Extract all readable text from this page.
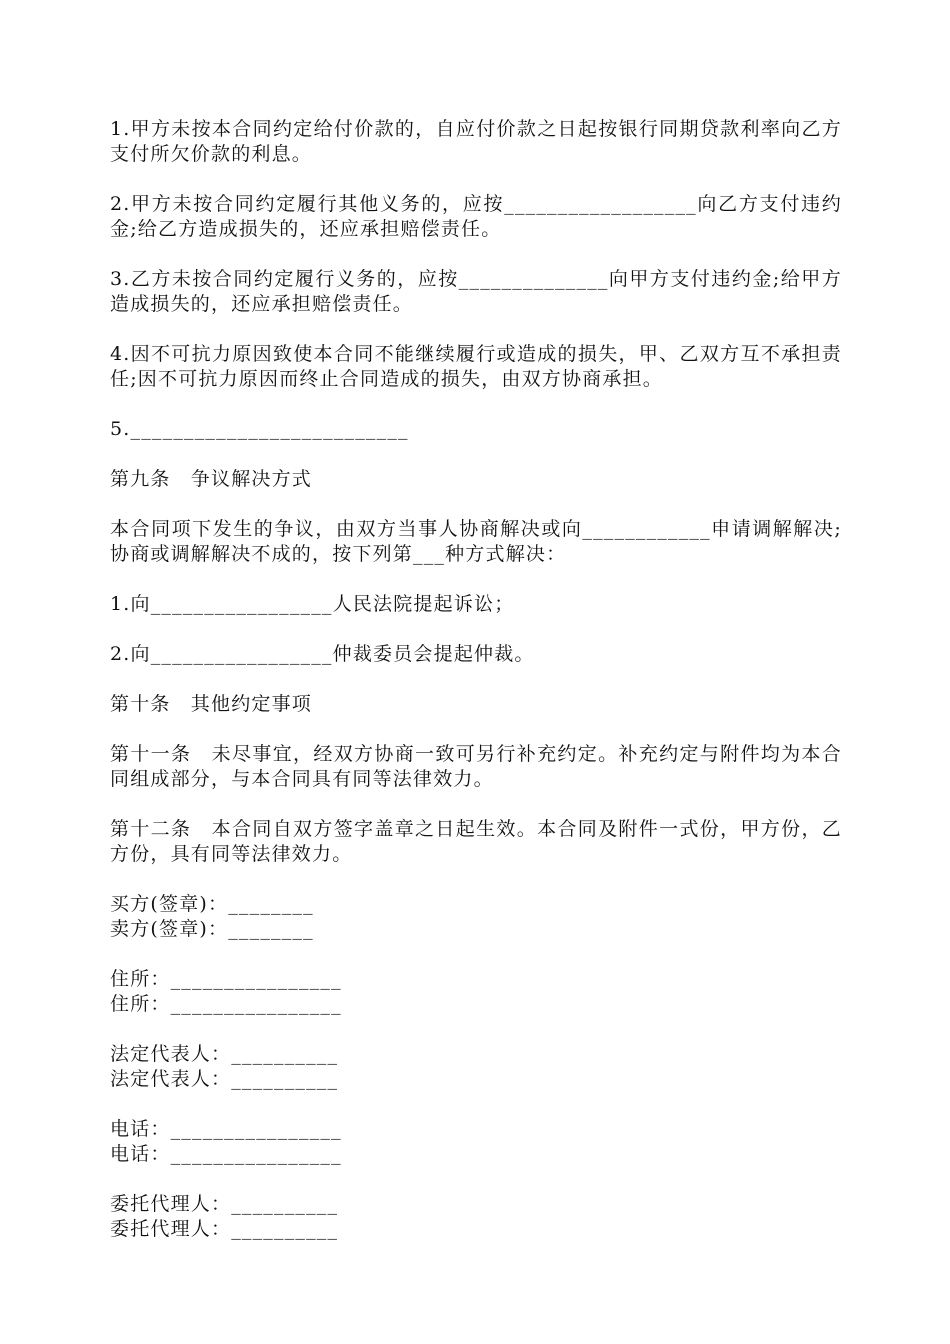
1.甲方未按本合同约定给付价款的，自应付价款之日起按银行同期贷款利率向乙方支付所欠价款的利息。

2.甲方未按合同约定履行其他义务的，应按__________________向乙方支付违约金;给乙方造成损失的，还应承担赔偿责任。

3.乙方未按合同约定履行义务的，应按______________向甲方支付违约金;给甲方造成损失的，还应承担赔偿责任。

4.因不可抗力原因致使本合同不能继续履行或造成的损失，甲、乙双方互不承担责任;因不可抗力原因而终止合同造成的损失，由双方协商承担。

5.__________________________

第九条　争议解决方式

本合同项下发生的争议，由双方当事人协商解决或向____________申请调解解决;协商或调解解决不成的，按下列第___种方式解决：

1.向_________________人民法院提起诉讼；

2.向_________________仲裁委员会提起仲裁。

第十条　其他约定事项

第十一条　未尽事宜，经双方协商一致可另行补充约定。补充约定与附件均为本合同组成部分，与本合同具有同等法律效力。

第十二条　本合同自双方签字盖章之日起生效。本合同及附件一式份，甲方份，乙方份，具有同等法律效力。

买方(签章)：________

卖方(签章)：________

住所：________________

住所：________________

法定代表人：__________

法定代表人：__________

电话：________________

电话：________________

委托代理人：__________

委托代理人：__________
